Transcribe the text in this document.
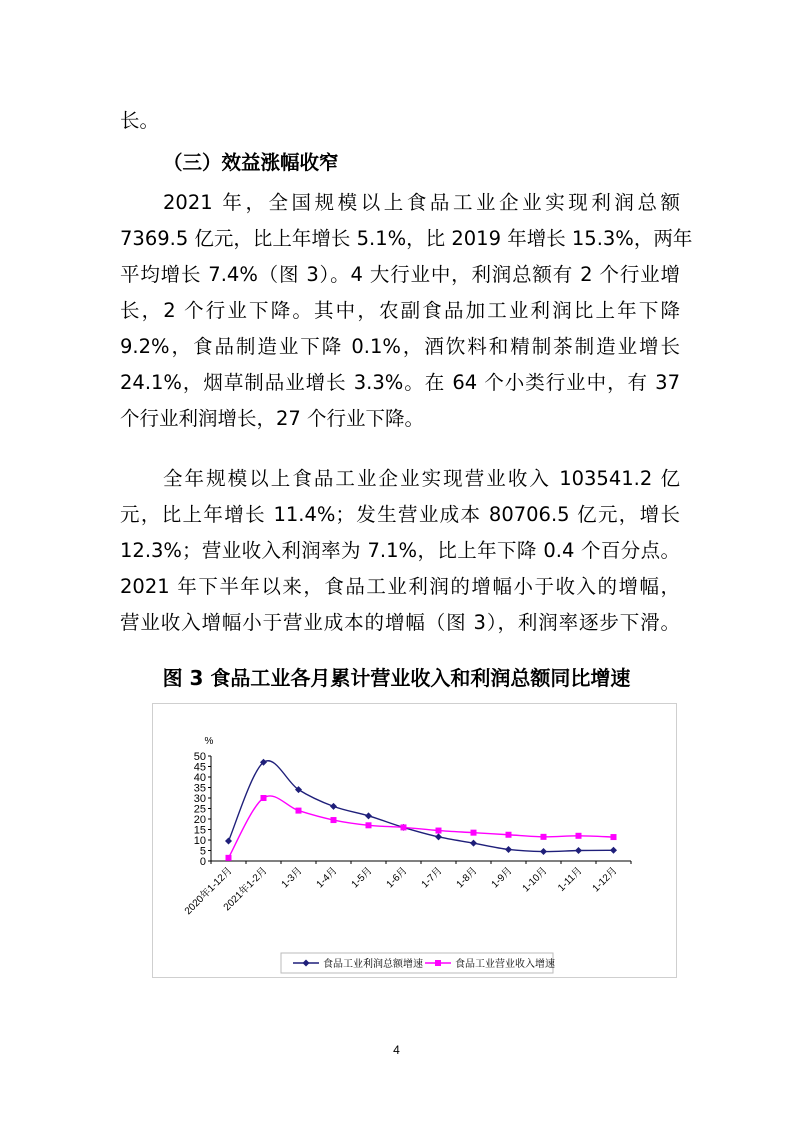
长。
（三）效益涨幅收窄
2021 年，全国规模以上食品工业企业实现利润总额
7369.5 亿元，比上年增长 5.1%，比 2019 年增长 15.3%，两年
平均增长 7.4%（图 3）。4 大行业中，利润总额有 2 个行业增
长，2 个行业下降。其中，农副食品加工业利润比上年下降
9.2%，食品制造业下降 0.1%，酒饮料和精制茶制造业增长
24.1%，烟草制品业增长 3.3%。在 64 个小类行业中，有 37
个行业利润增长，27 个行业下降。
全年规模以上食品工业企业实现营业收入 103541.2 亿
元，比上年增长 11.4%；发生营业成本 80706.5 亿元，增长
12.3%；营业收入利润率为 7.1%，比上年下降 0.4 个百分点。
2021 年下半年以来，食品工业利润的增幅小于收入的增幅，
营业收入增幅小于营业成本的增幅（图 3），利润率逐步下滑。
图 3 食品工业各月累计营业收入和利润总额同比增速
%
0
5
10
15
20
25
30
35
40
45
50
2020年1-12月
2021年1-2月 1-3月 1-4月 1-5月 1-6月 1-7月 1-8月 1-9月 1-10月 1-11月 1-12月
食品工业利润总额增速	食品工业营业收入增速
4
